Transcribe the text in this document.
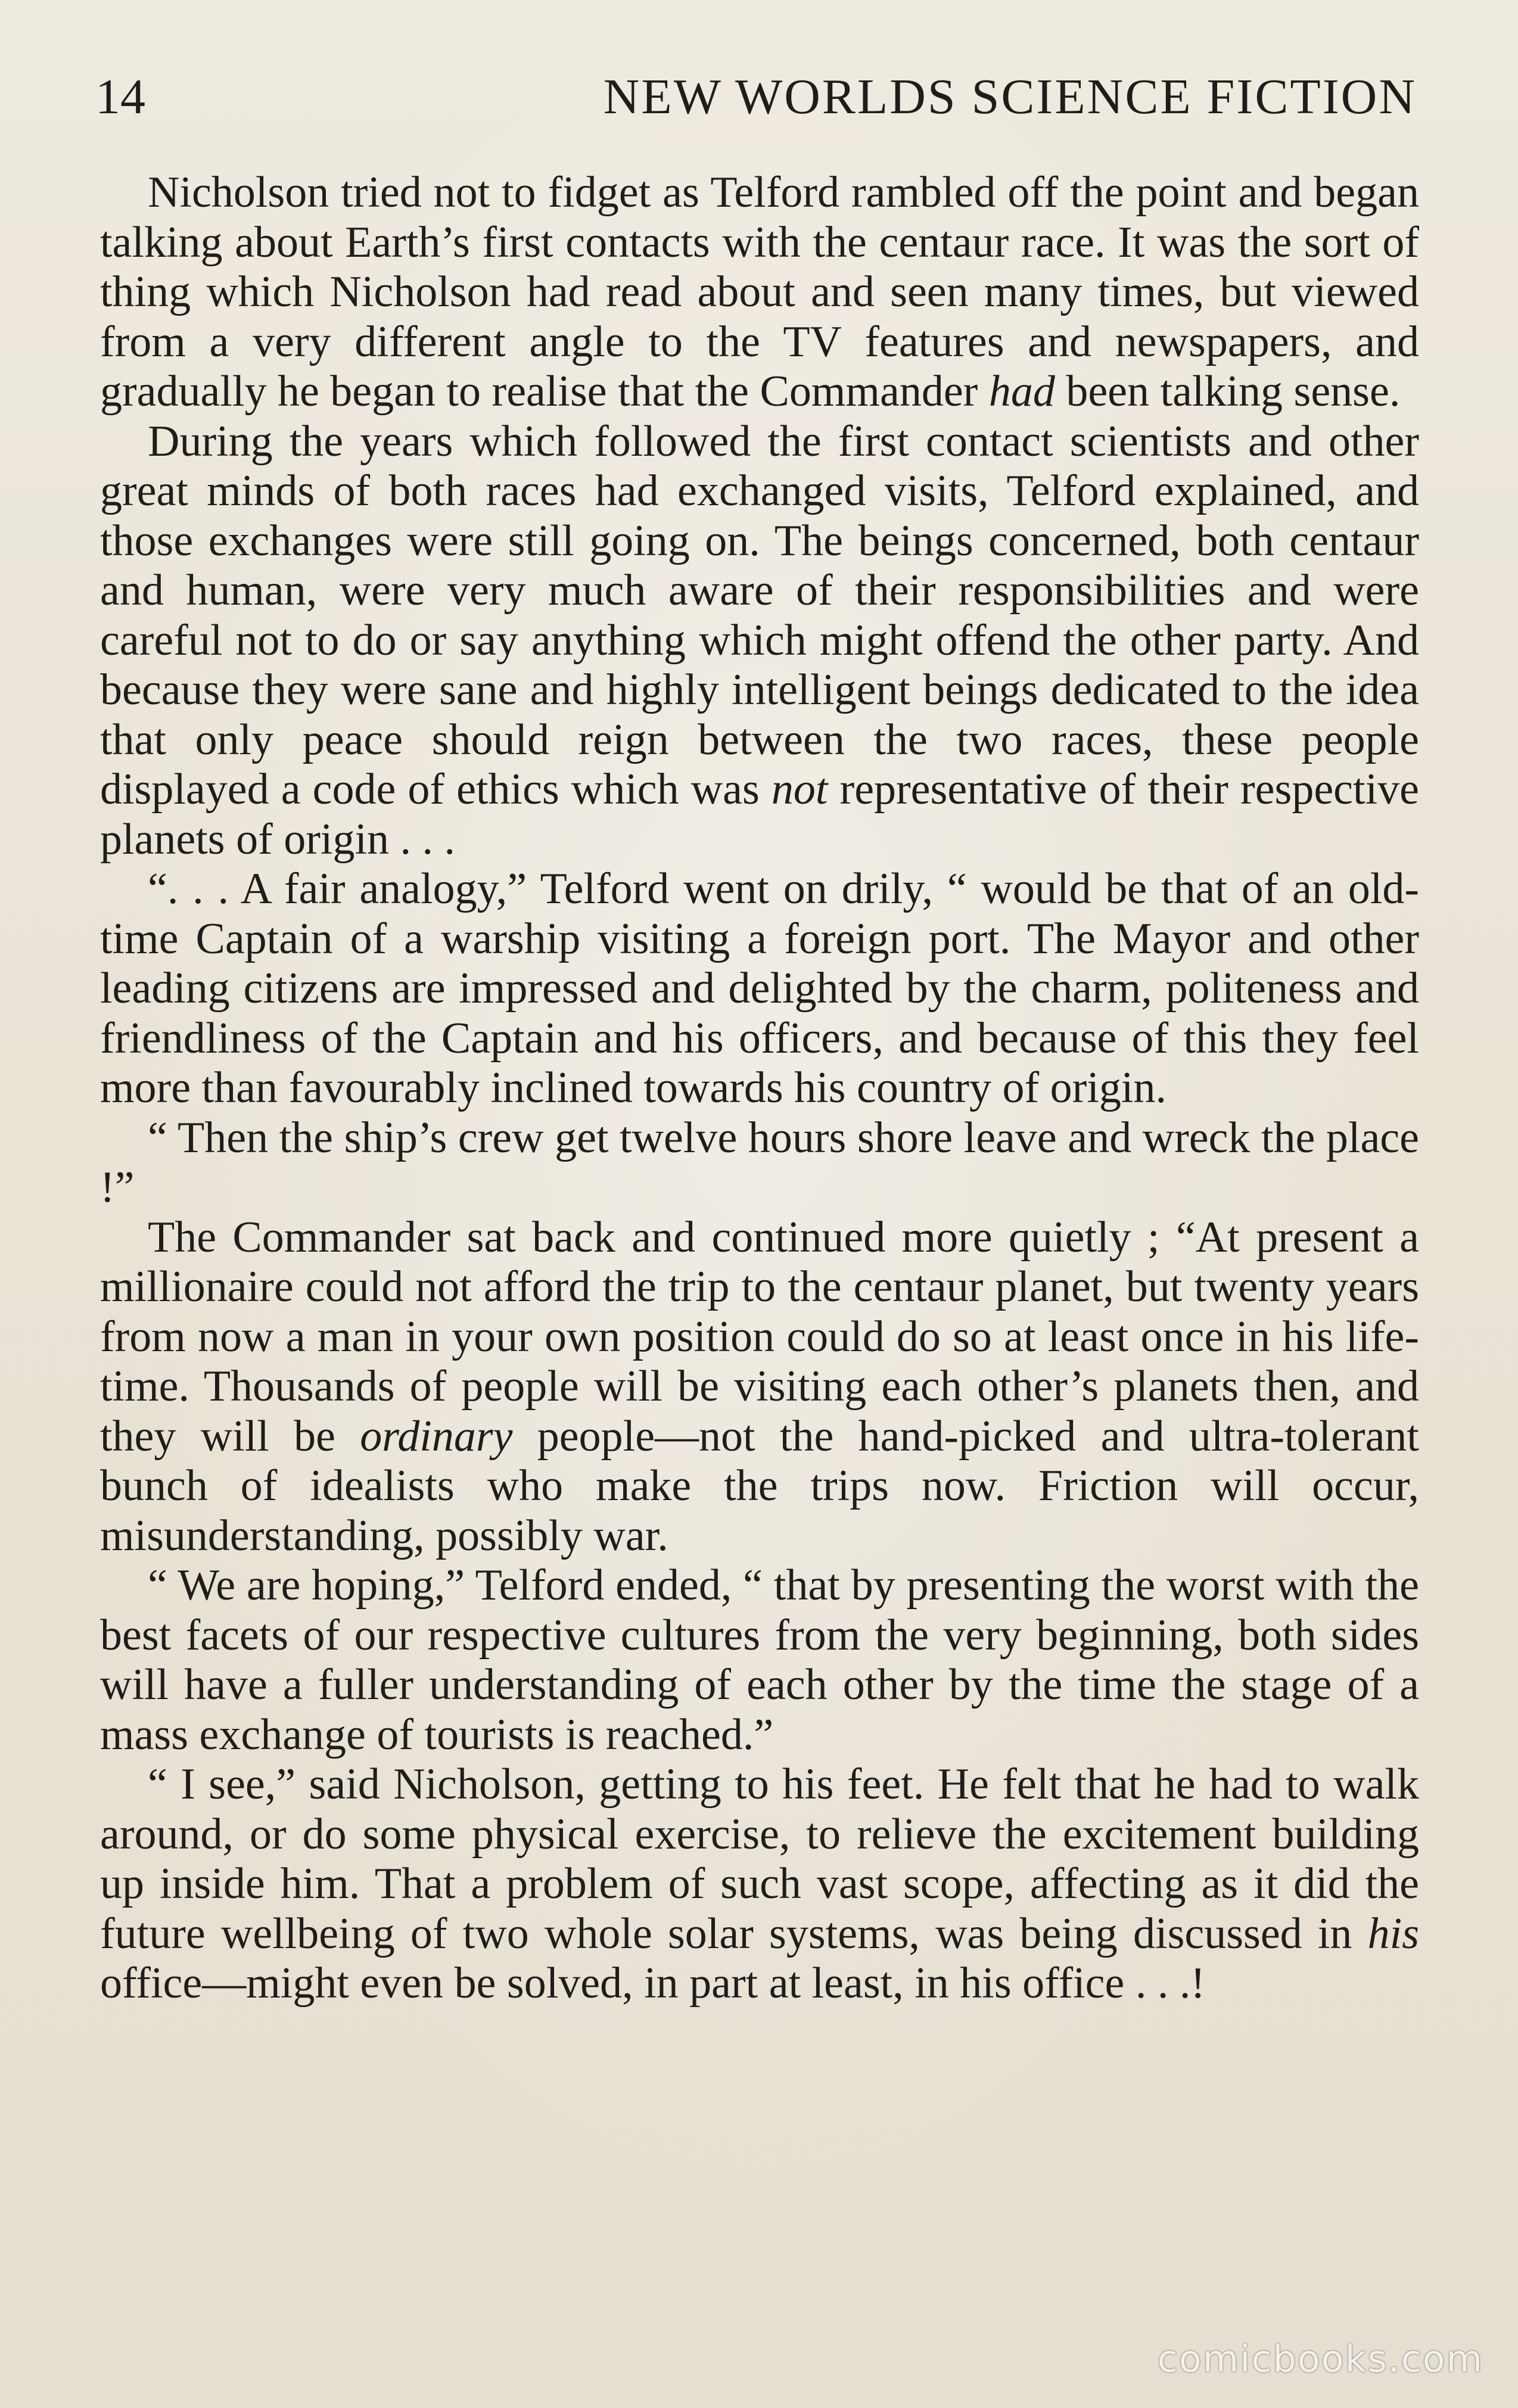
14	NEW WORLDS SCIENCE FICTION

Nicholson tried not to fidget as Telford rambled off the point and began talking about Earth’s first contacts with the centaur race. It was the sort of thing which Nicholson had read about and seen many times, but viewed from a very different angle to the TV features and newspapers, and gradually he began to realise that the Commander had been talking sense.

During the years which followed the first contact scientists and other great minds of both races had exchanged visits, Telford explained, and those exchanges were still going on. The beings concerned, both centaur and human, were very much aware of their responsibilities and were careful not to do or say anything which might offend the other party. And because they were sane and highly intelligent beings dedicated to the idea that only peace should reign between the two races, these people displayed a code of ethics which was not representative of their respective planets of origin . . .

“. . . A fair analogy,” Telford went on drily, “ would be that of an old-time Captain of a warship visiting a foreign port. The Mayor and other leading citizens are impressed and delighted by the charm, politeness and friendliness of the Captain and his officers, and because of this they feel more than favourably inclined towards his country of origin.

“ Then the ship’s crew get twelve hours shore leave and wreck the place !”

The Commander sat back and continued more quietly ; “At present a millionaire could not afford the trip to the centaur planet, but twenty years from now a man in your own position could do so at least once in his life-time. Thousands of people will be visiting each other’s planets then, and they will be ordinary people—not the hand-picked and ultra-tolerant bunch of idealists who make the trips now. Friction will occur, misunderstanding, possibly war.

“ We are hoping,” Telford ended, “ that by presenting the worst with the best facets of our respective cultures from the very beginning, both sides will have a fuller understanding of each other by the time the stage of a mass exchange of tourists is reached.”

“ I see,” said Nicholson, getting to his feet. He felt that he had to walk around, or do some physical exercise, to relieve the excitement building up inside him. That a problem of such vast scope, affecting as it did the future wellbeing of two whole solar systems, was being discussed in his office—might even be solved, in part at least, in his office . . .!

comicbooks.com
